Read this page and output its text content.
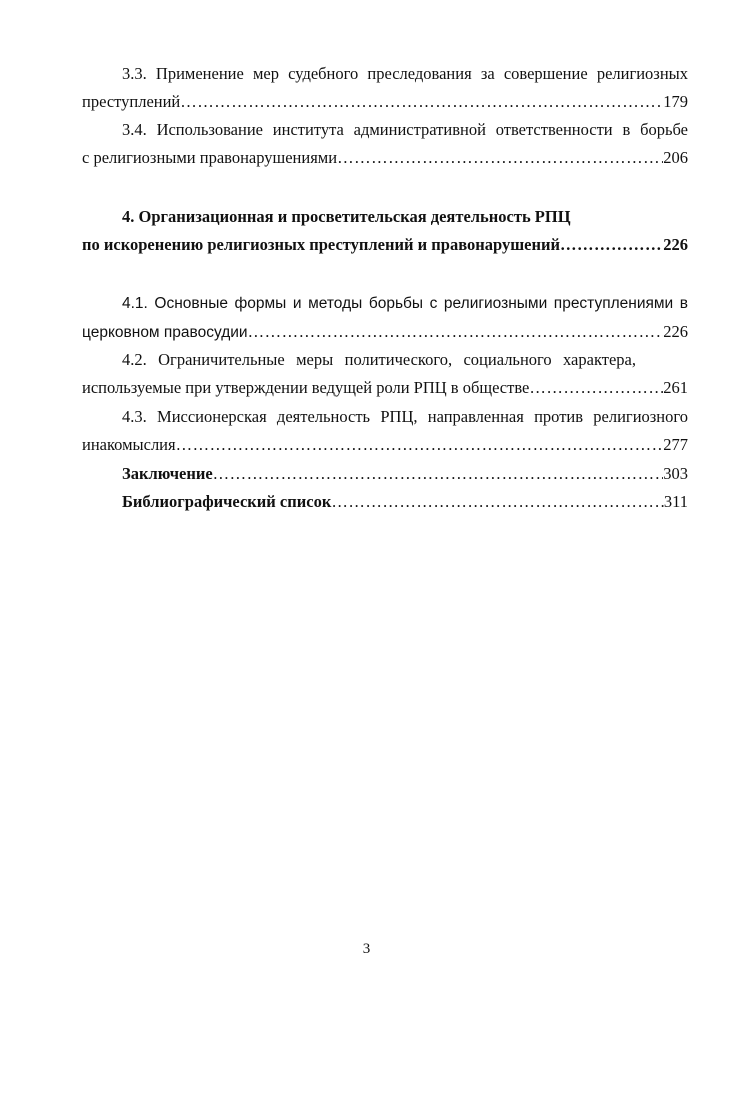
3.3. Применение мер судебного преследования за совершение религиозных
преступлений ……………………………………………………………………………………………………………………………………………………………………………………	179
3.4. Использование института административной ответственности в борьбе
с религиозными правонарушениями ……………………………………………………………………………………………………………………………………………………………………………………	206
4. Организационная и просветительская деятельность РПЦ
по искоренению религиозных преступлений и правонарушений ……………………………………………………………………………………………………………………………………………………………………………………	226
4.1. Основные формы и методы борьбы с религиозными преступлениями в
церковном правосудии ……………………………………………………………………………………………………………………………………………………………………………………	226
4.2. Ограничительные меры политического, социального характера,
используемые при утверждении ведущей роли РПЦ в обществе ……………………………………………………………………………………………………………………………………………………………………………………	261
4.3. Миссионерская деятельность РПЦ, направленная против религиозного
инакомыслия ……………………………………………………………………………………………………………………………………………………………………………………	277
Заключение ……………………………………………………………………………………………………………………………………………………………………………………	303
Библиографический список ……………………………………………………………………………………………………………………………………………………………………………………	311
3
